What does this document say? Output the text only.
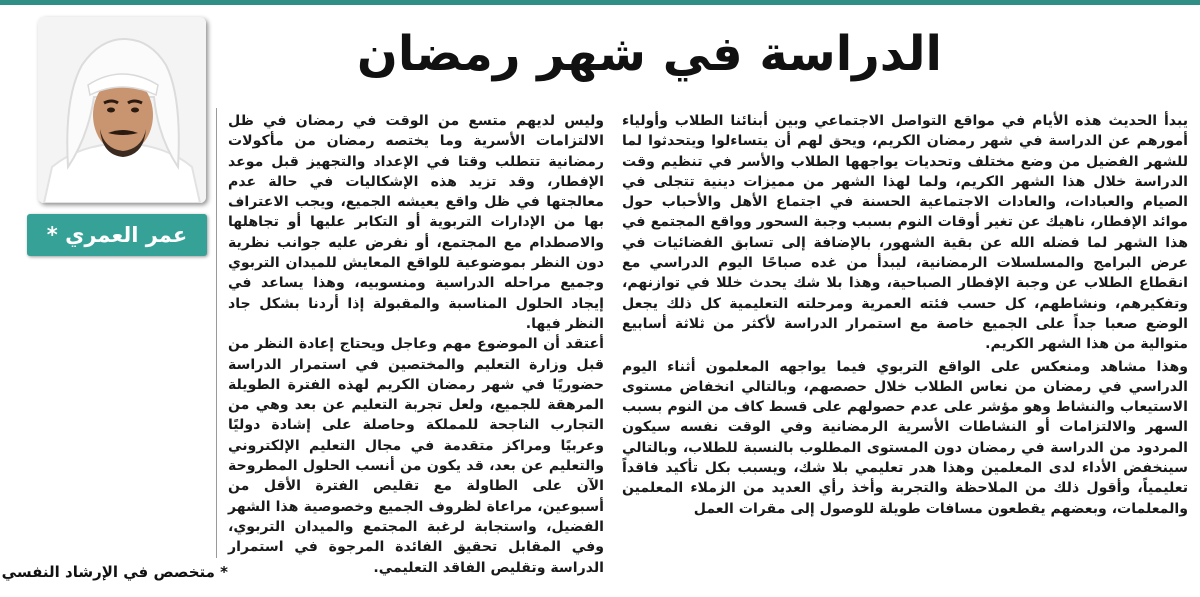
الدراسة في شهر رمضان
عمر العمري *

يبدأ الحديث هذه الأيام في مواقع التواصل الاجتماعي وبين أبنائنا الطلاب وأولياء أمورهم عن الدراسة في شهر رمضان الكريم، ويحق لهم أن يتساءلوا ويتحدثوا لما للشهر الفضيل من وضع مختلف وتحديات يواجهها الطلاب والأسر في تنظيم وقت الدراسة خلال هذا الشهر الكريم، ولما لهذا الشهر من مميزات دينية تتجلى في الصيام والعبادات، والعادات الاجتماعية الحسنة في اجتماع الأهل والأحباب حول موائد الإفطار، ناهيك عن تغير أوقات النوم بسبب وجبة السحور وواقع المجتمع في هذا الشهر لما فضله الله عن بقية الشهور، بالإضافة إلى تسابق الفضائيات في عرض البرامج والمسلسلات الرمضانية، ليبدأ من غده صباحًا اليوم الدراسي مع انقطاع الطلاب عن وجبة الإفطار الصباحية، وهذا بلا شك يحدث خللا في توازنهم، وتفكيرهم، ونشاطهم، كل حسب فئته العمرية ومرحلته التعليمية كل ذلك يجعل الوضع صعبا جداً على الجميع خاصة مع استمرار الدراسة لأكثر من ثلاثة أسابيع متوالية من هذا الشهر الكريم.

وهذا مشاهد ومنعكس على الواقع التربوي فيما يواجهه المعلمون أثناء اليوم الدراسي في رمضان من نعاس الطلاب خلال حصصهم، وبالتالي انخفاض مستوى الاستيعاب والنشاط وهو مؤشر على عدم حصولهم على قسط كاف من النوم بسبب السهر والالتزامات أو النشاطات الأسرية الرمضانية وفي الوقت نفسه سيكون المردود من الدراسة في رمضان دون المستوى المطلوب بالنسبة للطلاب، وبالتالي سينخفض الأداء لدى المعلمين وهذا هدر تعليمي بلا شك، ويسبب بكل تأكيد فاقداً تعليمياً، وأقول ذلك من الملاحظة والتجربة وأخذ رأي العديد من الزملاء المعلمين والمعلمات، وبعضهم يقطعون مسافات طويلة للوصول إلى مقرات العمل

وليس لديهم متسع من الوقت في رمضان في ظل الالتزامات الأسرية وما يختصه رمضان من مأكولات رمضانية تتطلب وقتا في الإعداد والتجهيز قبل موعد الإفطار، وقد تزيد هذه الإشكاليات في حالة عدم معالجتها في ظل واقع يعيشه الجميع، ويجب الاعتراف بها من الإدارات التربوية أو التكابر عليها أو تجاهلها والاصطدام مع المجتمع، أو نفرض عليه جوانب نظرية دون النظر بموضوعية للواقع المعايش للميدان التربوي وجميع مراحله الدراسية ومنسوبيه، وهذا يساعد في إيجاد الحلول المناسبة والمقبولة إذا أردنا بشكل جاد النظر فيها.

أعتقد أن الموضوع مهم وعاجل ويحتاج إعادة النظر من قبل وزارة التعليم والمختصين في استمرار الدراسة حضوريًا في شهر رمضان الكريم لهذه الفترة الطويلة المرهقة للجميع، ولعل تجربة التعليم عن بعد وهي من التجارب الناجحة للمملكة وحاصلة على إشادة دوليًا وعربيًا ومراكز متقدمة في مجال التعليم الإلكتروني والتعليم عن بعد، قد يكون من أنسب الحلول المطروحة الآن على الطاولة مع تقليص الفترة الأقل من أسبوعين، مراعاة لظروف الجميع وخصوصية هذا الشهر الفضيل، واستجابة لرغبة المجتمع والميدان التربوي، وفي المقابل تحقيق الفائدة المرجوة في استمرار الدراسة وتقليص الفاقد التعليمي.

* متخصص في الإرشاد النفسي
